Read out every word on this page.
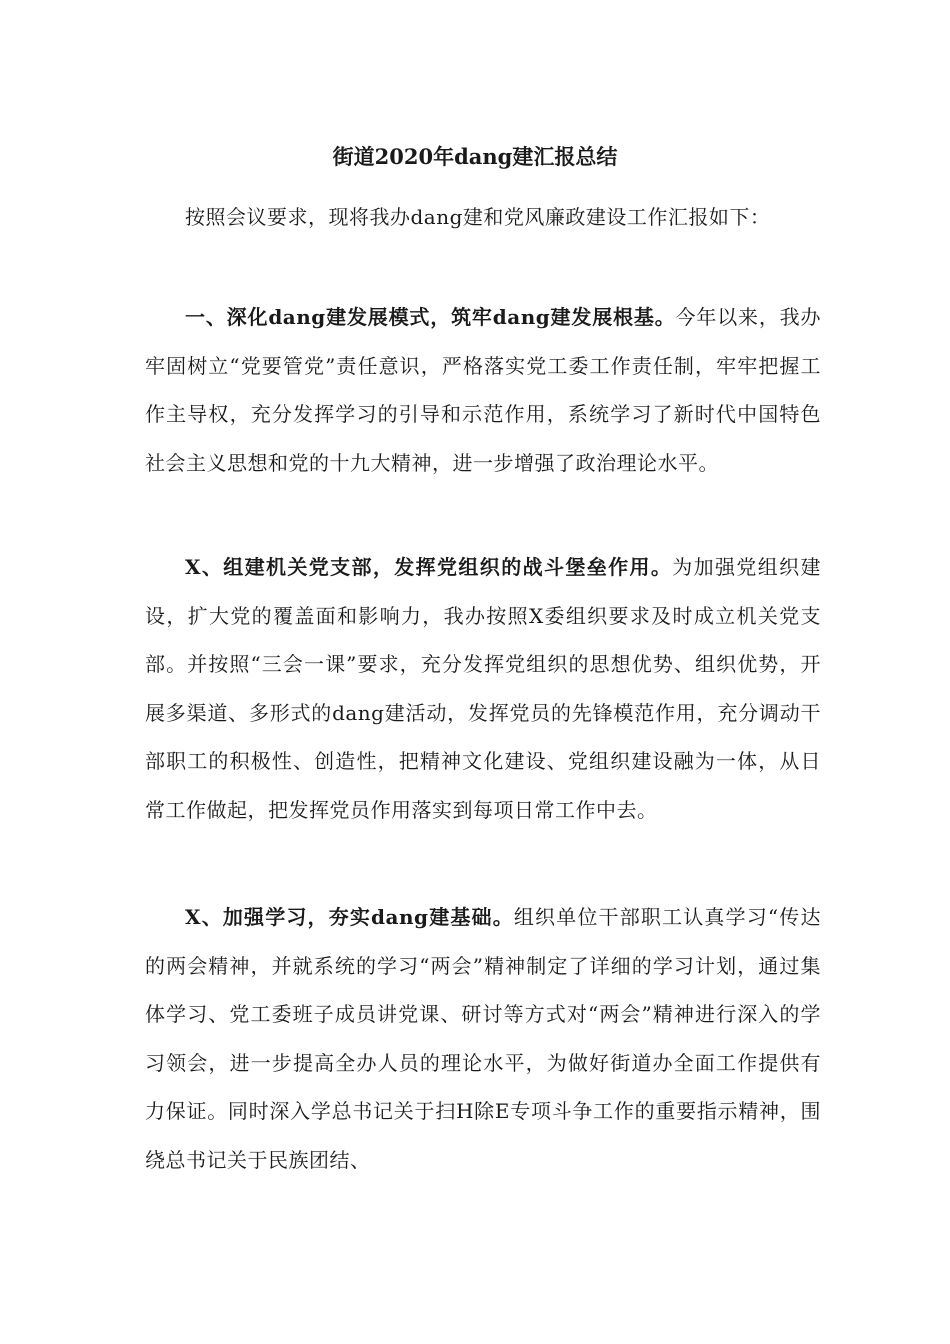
街道2020年dang建汇报总结

按照会议要求，现将我办dang建和党风廉政建设工作汇报如下：

一、深化dang建发展模式，筑牢dang建发展根基。今年以来，我办牢固树立“党要管党”责任意识，严格落实党工委工作责任制，牢牢把握工作主导权，充分发挥学习的引导和示范作用，系统学习了新时代中国特色社会主义思想和党的十九大精神，进一步增强了政治理论水平。

X、组建机关党支部，发挥党组织的战斗堡垒作用。为加强党组织建设，扩大党的覆盖面和影响力，我办按照X委组织要求及时成立机关党支部。并按照“三会一课”要求，充分发挥党组织的思想优势、组织优势，开展多渠道、多形式的dang建活动，发挥党员的先锋模范作用，充分调动干部职工的积极性、创造性，把精神文化建设、党组织建设融为一体，从日常工作做起，把发挥党员作用落实到每项日常工作中去。

X、加强学习，夯实dang建基础。组织单位干部职工认真学习“传达的两会精神，并就系统的学习“两会”精神制定了详细的学习计划，通过集体学习、党工委班子成员讲党课、研讨等方式对“两会”精神进行深入的学习领会，进一步提高全办人员的理论水平，为做好街道办全面工作提供有力保证。同时深入学总书记关于扫H除E专项斗争工作的重要指示精神，围绕总书记关于民族团结、
